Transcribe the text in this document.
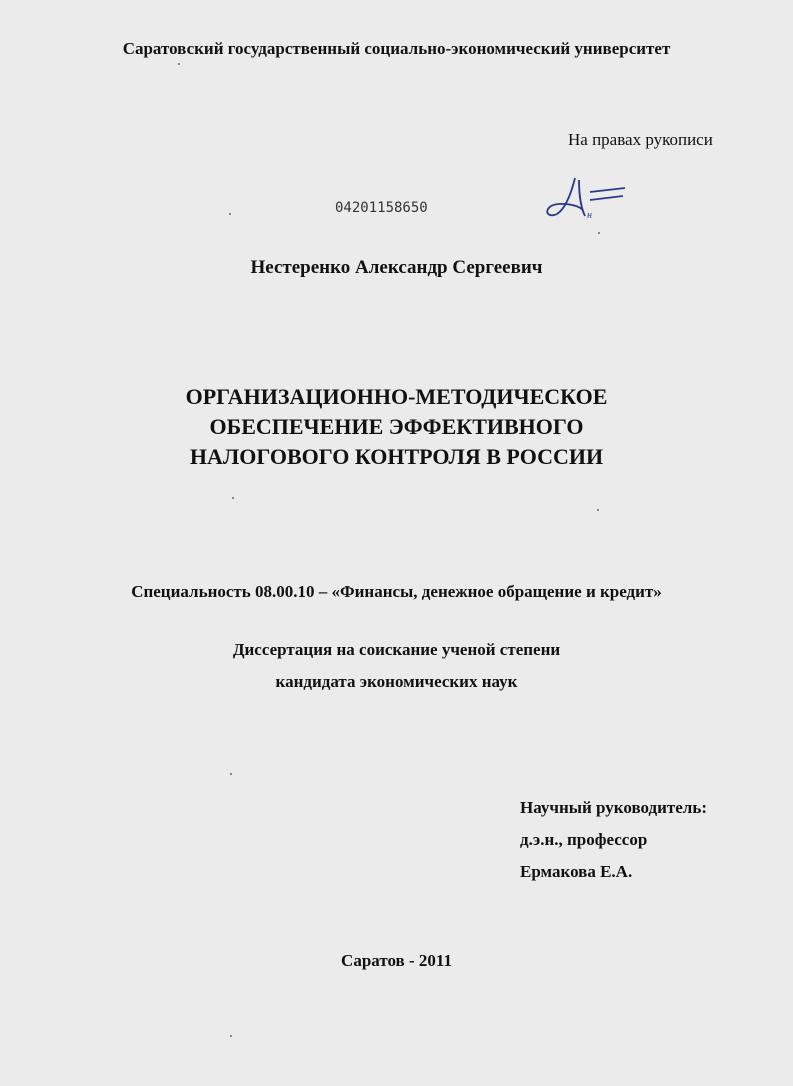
Саратовский государственный социально-экономический университет
На правах рукописи
04201158650	н
Нестеренко Александр Сергеевич
ОРГАНИЗАЦИОННО-МЕТОДИЧЕСКОЕ
ОБЕСПЕЧЕНИЕ ЭФФЕКТИВНОГО
НАЛОГОВОГО КОНТРОЛЯ В РОССИИ
Специальность 08.00.10 – «Финансы, денежное обращение и кредит»
Диссертация на соискание ученой степени
кандидата экономических наук
Научный руководитель:
д.э.н., профессор
Ермакова Е.А.
Саратов - 2011
